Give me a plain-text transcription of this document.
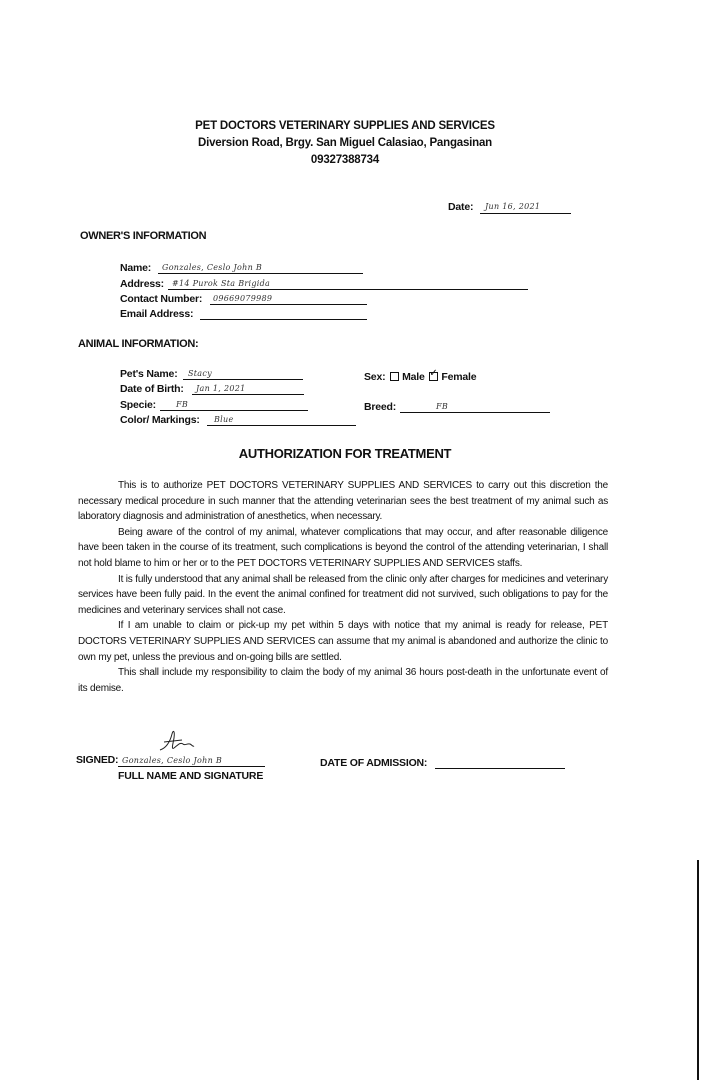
PET DOCTORS VETERINARY SUPPLIES AND SERVICES
Diversion Road, Brgy. San Miguel Calasiao, Pangasinan
09327388734
Date: Jun 16, 2021
OWNER'S INFORMATION
Name: Gonzales, Ceslo John B
Address: #14 Purok Sta Brigida
Contact Number: 09669079989
Email Address:
ANIMAL INFORMATION:
Pet's Name: Stacy
Date of Birth: Jan 1, 2021
Specie:	FB
Color/ Markings: Blue
Sex: Male ✓ Female
Breed:	FB
AUTHORIZATION FOR TREATMENT

This is to authorize PET DOCTORS VETERINARY SUPPLIES AND SERVICES to carry out this discretion the necessary medical procedure in such manner that the attending veterinarian sees the best treatment of my animal such as laboratory diagnosis and administration of anesthetics, when necessary.

Being aware of the control of my animal, whatever complications that may occur, and after reasonable diligence have been taken in the course of its treatment, such complications is beyond the control of the attending veterinarian, I shall not hold blame to him or her or to the PET DOCTORS VETERINARY SUPPLIES AND SERVICES staffs.

It is fully understood that any animal shall be released from the clinic only after charges for medicines and veterinary services have been fully paid. In the event the animal confined for treatment did not survived, such obligations to pay for the medicines and veterinary services shall not case.

If I am unable to claim or pick-up my pet within 5 days with notice that my animal is ready for release, PET DOCTORS VETERINARY SUPPLIES AND SERVICES can assume that my animal is abandoned and authorize the clinic to own my pet, unless the previous and on-going bills are settled.

This shall include my responsibility to claim the body of my animal 36 hours post-death in the unfortunate event of its demise.

SIGNED: Gonzales, Ceslo John B
FULL NAME AND SIGNATURE
DATE OF ADMISSION:
